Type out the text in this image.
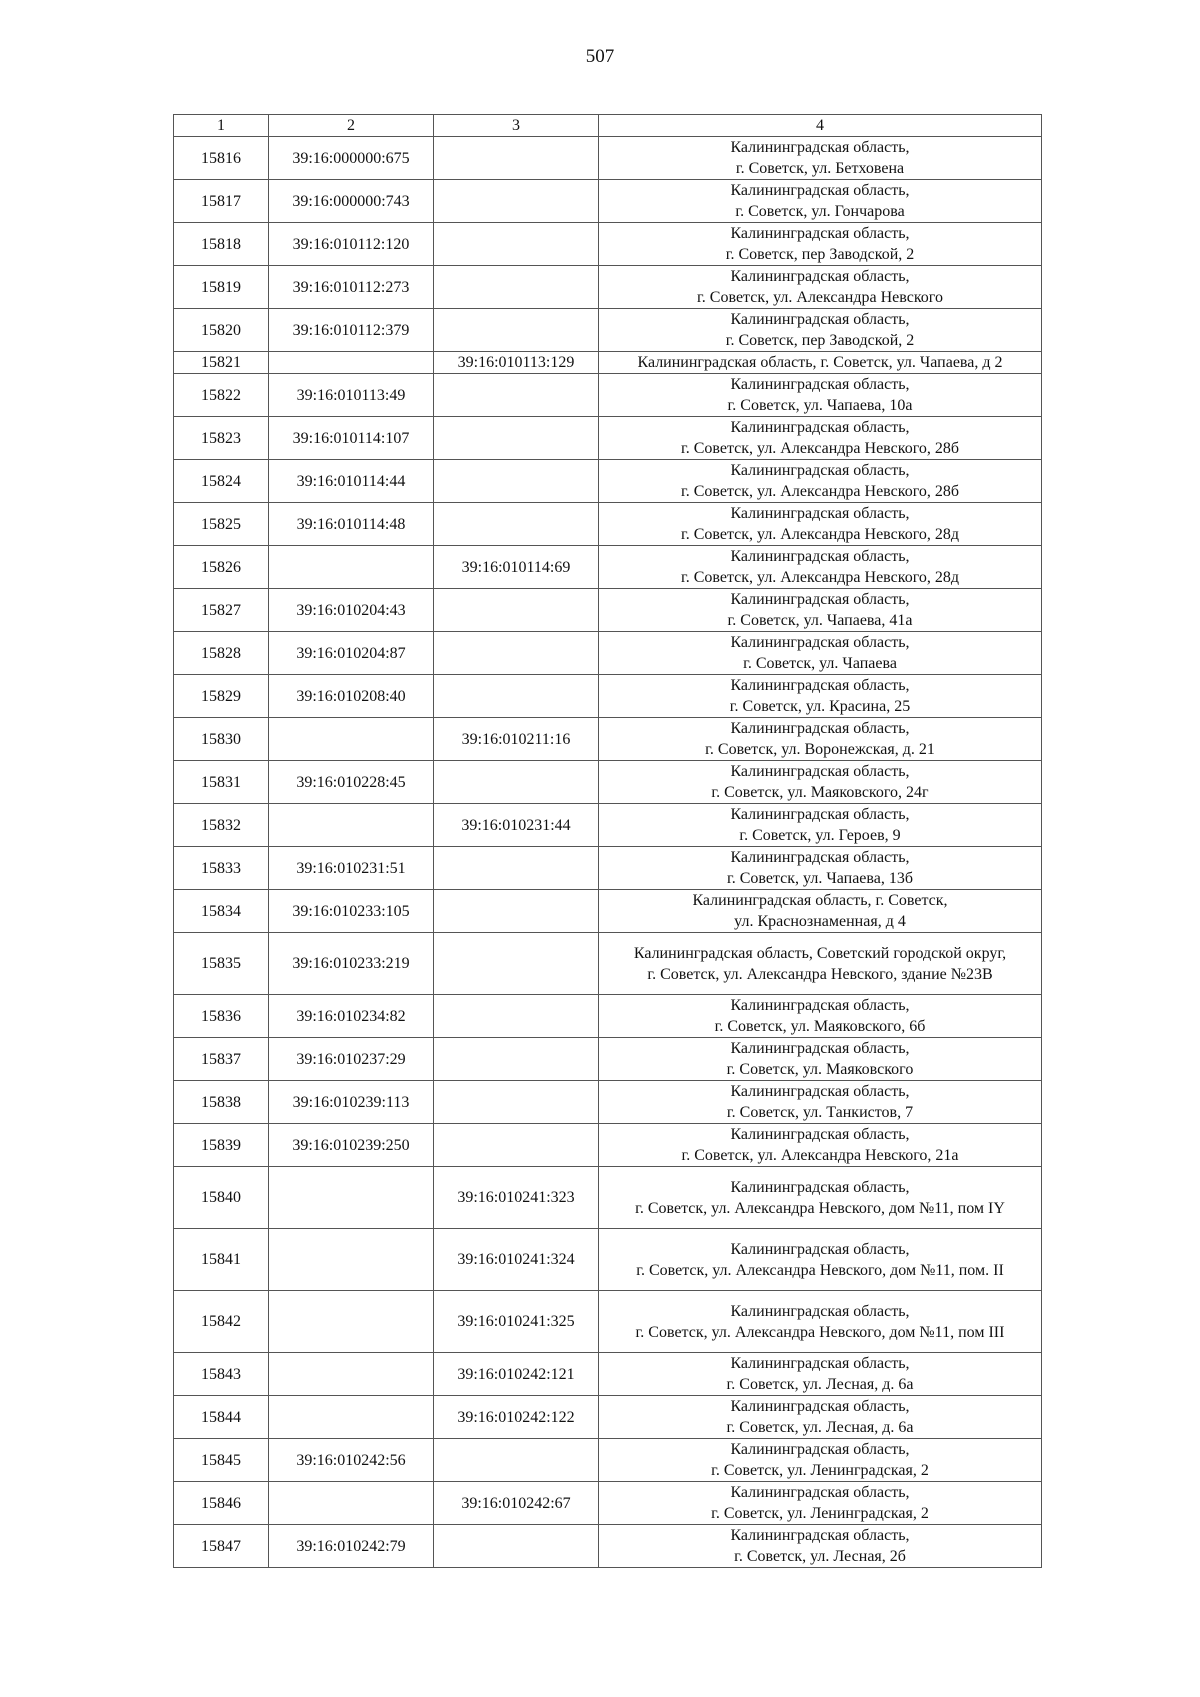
507
1	2	3	4
15816	39:16:000000:675		Калининградская область,
г. Советск, ул. Бетховена

15817	39:16:000000:743		Калининградская область,
г. Советск, ул. Гончарова

15818	39:16:010112:120		Калининградская область,
г. Советск, пер Заводской, 2

15819	39:16:010112:273		Калининградская область,
г. Советск, ул. Александра Невского

15820	39:16:010112:379		Калининградская область,
г. Советск, пер Заводской, 2

15821		39:16:010113:129	Калининградская область, г. Советск, ул. Чапаева, д 2

15822	39:16:010113:49		Калининградская область,
г. Советск, ул. Чапаева, 10а

15823	39:16:010114:107		Калининградская область,
г. Советск, ул. Александра Невского, 28б

15824	39:16:010114:44		Калининградская область,
г. Советск, ул. Александра Невского, 28б

15825	39:16:010114:48		Калининградская область,
г. Советск, ул. Александра Невского, 28д

15826		39:16:010114:69	Калининградская область,
г. Советск, ул. Александра Невского, 28д

15827	39:16:010204:43		Калининградская область,
г. Советск, ул. Чапаева, 41а

15828	39:16:010204:87		Калининградская область,
г. Советск, ул. Чапаева

15829	39:16:010208:40		Калининградская область,
г. Советск, ул. Красина, 25

15830		39:16:010211:16	Калининградская область,
г. Советск, ул. Воронежская, д. 21

15831	39:16:010228:45		Калининградская область,
г. Советск, ул. Маяковского, 24г

15832		39:16:010231:44	Калининградская область,
г. Советск, ул. Героев, 9

15833	39:16:010231:51		Калининградская область,
г. Советск, ул. Чапаева, 13б

15834	39:16:010233:105		Калининградская область, г. Советск,
ул. Краснознаменная, д 4

15835	39:16:010233:219		Калининградская область, Советский городской округ,
г. Советск, ул. Александра Невского, здание №23В

15836	39:16:010234:82		Калининградская область,
г. Советск, ул. Маяковского, 6б

15837	39:16:010237:29		Калининградская область,
г. Советск, ул. Маяковского

15838	39:16:010239:113		Калининградская область,
г. Советск, ул. Танкистов, 7

15839	39:16:010239:250		Калининградская область,
г. Советск, ул. Александра Невского, 21а

15840		39:16:010241:323	Калининградская область,
г. Советск, ул. Александра Невского, дом №11, пом IY

15841		39:16:010241:324	Калининградская область,
г. Советск, ул. Александра Невского, дом №11, пом. II

15842		39:16:010241:325	Калининградская область,
г. Советск, ул. Александра Невского, дом №11, пом III

15843		39:16:010242:121	Калининградская область,
г. Советск, ул. Лесная, д. 6а

15844		39:16:010242:122	Калининградская область,
г. Советск, ул. Лесная, д. 6а

15845	39:16:010242:56		Калининградская область,
г. Советск, ул. Ленинградская, 2

15846		39:16:010242:67	Калининградская область,
г. Советск, ул. Ленинградская, 2

15847	39:16:010242:79		Калининградская область,
г. Советск, ул. Лесная, 2б
